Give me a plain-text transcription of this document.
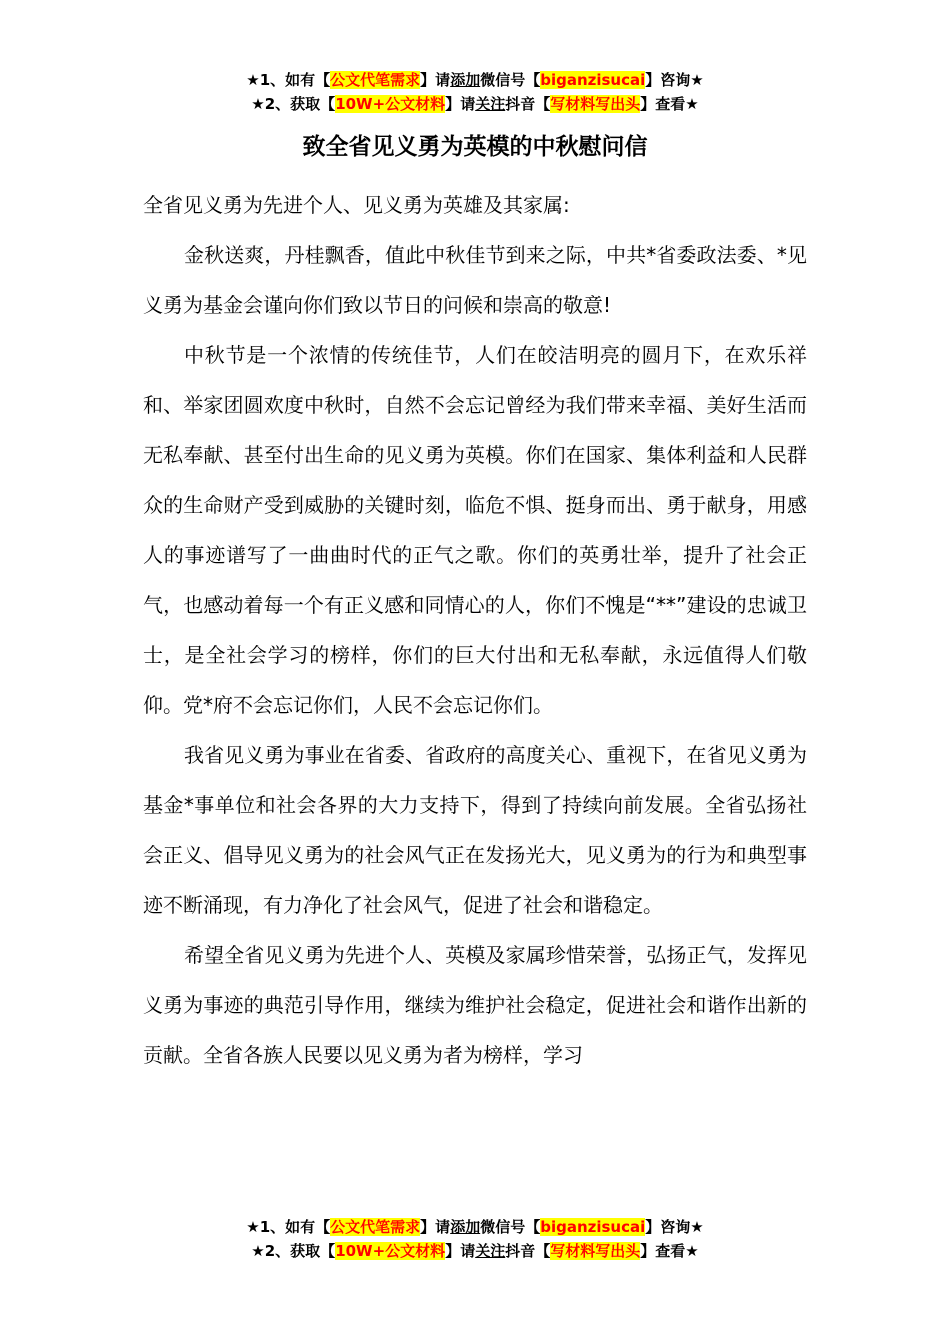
★1、如有【公文代笔需求】请添加微信号【biganzisucai】咨询★
★2、获取【10W+公文材料】请关注抖音【写材料写出头】查看★
致全省见义勇为英模的中秋慰问信

全省见义勇为先进个人、见义勇为英雄及其家属:

金秋送爽，丹桂飘香，值此中秋佳节到来之际，中共*省委政法委、*见义勇为基金会谨向你们致以节日的问候和崇高的敬意!

中秋节是一个浓情的传统佳节，人们在皎洁明亮的圆月下，在欢乐祥和、举家团圆欢度中秋时，自然不会忘记曾经为我们带来幸福、美好生活而无私奉献、甚至付出生命的见义勇为英模。你们在国家、集体利益和人民群众的生命财产受到威胁的关键时刻，临危不惧、挺身而出、勇于献身，用感人的事迹谱写了一曲曲时代的正气之歌。你们的英勇壮举，提升了社会正气，也感动着每一个有正义感和同情心的人，你们不愧是“**”建设的忠诚卫士，是全社会学习的榜样，你们的巨大付出和无私奉献，永远值得人们敬仰。党*府不会忘记你们，人民不会忘记你们。

我省见义勇为事业在省委、省政府的高度关心、重视下，在省见义勇为基金*事单位和社会各界的大力支持下，得到了持续向前发展。全省弘扬社会正义、倡导见义勇为的社会风气正在发扬光大，见义勇为的行为和典型事迹不断涌现，有力净化了社会风气，促进了社会和谐稳定。

希望全省见义勇为先进个人、英模及家属珍惜荣誉，弘扬正气，发挥见义勇为事迹的典范引导作用，继续为维护社会稳定，促进社会和谐作出新的贡献。全省各族人民要以见义勇为者为榜样，学习

★1、如有【公文代笔需求】请添加微信号【biganzisucai】咨询★
★2、获取【10W+公文材料】请关注抖音【写材料写出头】查看★
